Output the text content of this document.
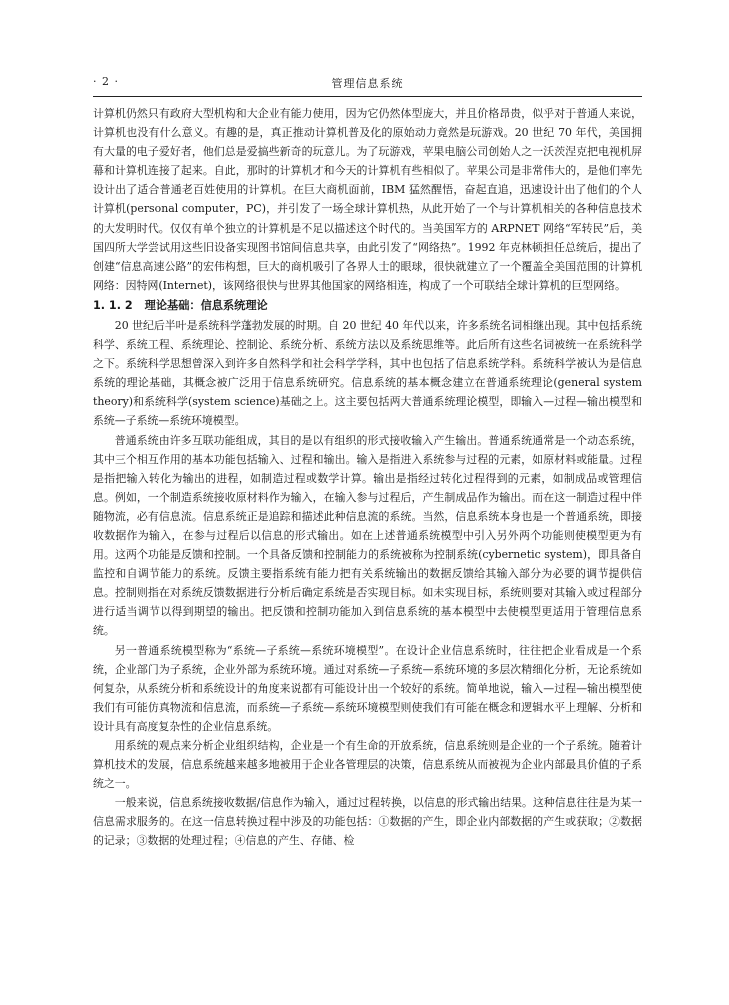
· 2 ·	管理信息系统

计算机仍然只有政府大型机构和大企业有能力使用，因为它仍然体型庞大，并且价格昂贵，似乎对于普通人来说，计算机也没有什么意义。有趣的是，真正推动计算机普及化的原始动力竟然是玩游戏。20 世纪 70 年代，美国拥有大量的电子爱好者，他们总是爱搞些新奇的玩意儿。为了玩游戏，苹果电脑公司创始人之一沃茨涅克把电视机屏幕和计算机连接了起来。自此，那时的计算机才和今天的计算机有些相似了。苹果公司是非常伟大的，是他们率先设计出了适合普通老百姓使用的计算机。在巨大商机面前，IBM 猛然醒悟，奋起直追，迅速设计出了他们的个人计算机(personal computer，PC)，并引发了一场全球计算机热，从此开始了一个与计算机相关的各种信息技术的大发明时代。仅仅有单个独立的计算机是不足以描述这个时代的。当美国军方的 ARPNET 网络“军转民”后，美国四所大学尝试用这些旧设备实现图书馆间信息共享，由此引发了“网络热”。1992 年克林顿担任总统后，提出了创建“信息高速公路”的宏伟构想，巨大的商机吸引了各界人士的眼球，很快就建立了一个覆盖全美国范围的计算机网络：因特网(Internet)，该网络很快与世界其他国家的网络相连，构成了一个可联结全球计算机的巨型网络。

1. 1. 2 理论基础：信息系统理论

20 世纪后半叶是系统科学蓬勃发展的时期。自 20 世纪 40 年代以来，许多系统名词相继出现。其中包括系统科学、系统工程、系统理论、控制论、系统分析、系统方法以及系统思维等。此后所有这些名词被统一在系统科学之下。系统科学思想曾深入到许多自然科学和社会科学学科，其中也包括了信息系统学科。系统科学被认为是信息系统的理论基础，其概念被广泛用于信息系统研究。信息系统的基本概念建立在普通系统理论(general system theory)和系统科学(system science)基础之上。这主要包括两大普通系统理论模型，即输入—过程—输出模型和系统—子系统—系统环境模型。

普通系统由许多互联功能组成，其目的是以有组织的形式接收输入产生输出。普通系统通常是一个动态系统，其中三个相互作用的基本功能包括输入、过程和输出。输入是指进入系统参与过程的元素，如原材料或能量。过程是指把输入转化为输出的进程，如制造过程或数学计算。输出是指经过转化过程得到的元素，如制成品或管理信息。例如，一个制造系统接收原材料作为输入，在输入参与过程后，产生制成品作为输出。而在这一制造过程中伴随物流，必有信息流。信息系统正是追踪和描述此种信息流的系统。当然，信息系统本身也是一个普通系统，即接收数据作为输入，在参与过程后以信息的形式输出。如在上述普通系统模型中引入另外两个功能则使模型更为有用。这两个功能是反馈和控制。一个具备反馈和控制能力的系统被称为控制系统(cybernetic system)，即具备自监控和自调节能力的系统。反馈主要指系统有能力把有关系统输出的数据反馈给其输入部分为必要的调节提供信息。控制则指在对系统反馈数据进行分析后确定系统是否实现目标。如未实现目标，系统则要对其输入或过程部分进行适当调节以得到期望的输出。把反馈和控制功能加入到信息系统的基本模型中去使模型更适用于管理信息系统。

另一普通系统模型称为“系统—子系统—系统环境模型”。在设计企业信息系统时，往往把企业看成是一个系统，企业部门为子系统，企业外部为系统环境。通过对系统—子系统—系统环境的多层次精细化分析，无论系统如何复杂，从系统分析和系统设计的角度来说都有可能设计出一个较好的系统。简单地说，输入—过程—输出模型使我们有可能仿真物流和信息流，而系统—子系统—系统环境模型则使我们有可能在概念和逻辑水平上理解、分析和设计具有高度复杂性的企业信息系统。

用系统的观点来分析企业组织结构，企业是一个有生命的开放系统，信息系统则是企业的一个子系统。随着计算机技术的发展，信息系统越来越多地被用于企业各管理层的决策，信息系统从而被视为企业内部最具价值的子系统之一。

一般来说，信息系统接收数据/信息作为输入，通过过程转换，以信息的形式输出结果。这种信息往往是为某一信息需求服务的。在这一信息转换过程中涉及的功能包括：①数据的产生，即企业内部数据的产生或获取；②数据的记录；③数据的处理过程；④信息的产生、存储、检
